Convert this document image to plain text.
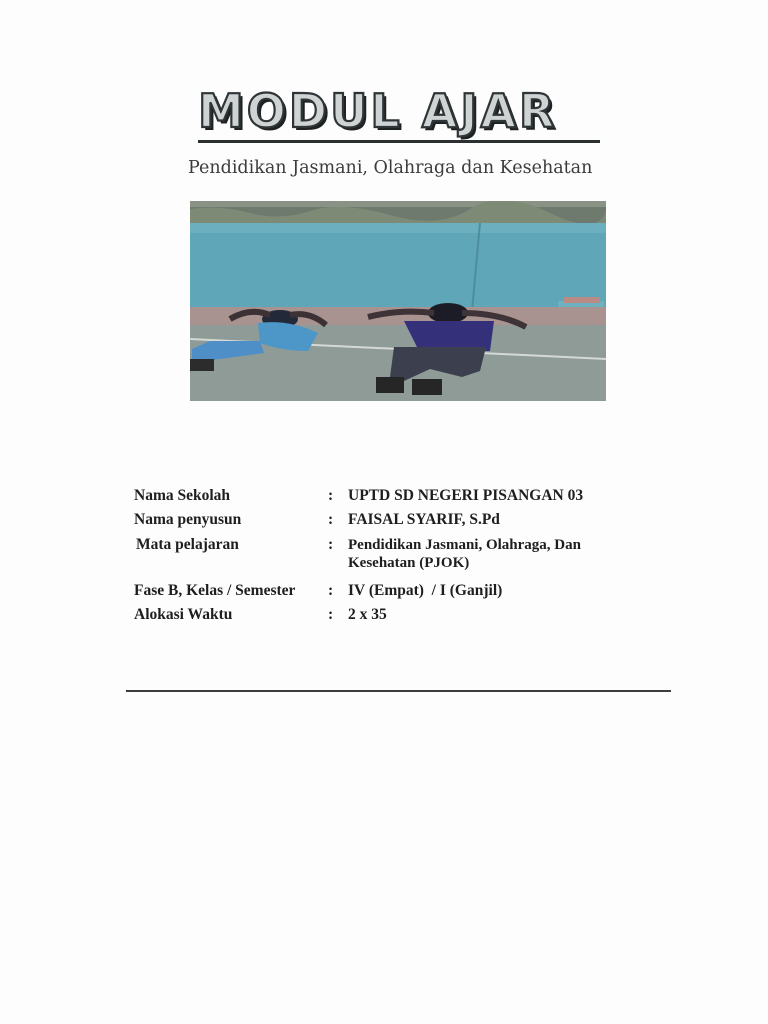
MODUL AJAR
Pendidikan Jasmani, Olahraga dan Kesehatan
Nama Sekolah	: UPTD SD NEGERI PISANGAN 03
Nama penyusun	: FAISAL SYARIF, S.Pd
Mata pelajaran	: Pendidikan Jasmani, Olahraga, Dan
Kesehatan (PJOK)
Fase B, Kelas / Semester	: IV (Empat)  / I (Ganjil)
Alokasi Waktu	: 2 x 35
